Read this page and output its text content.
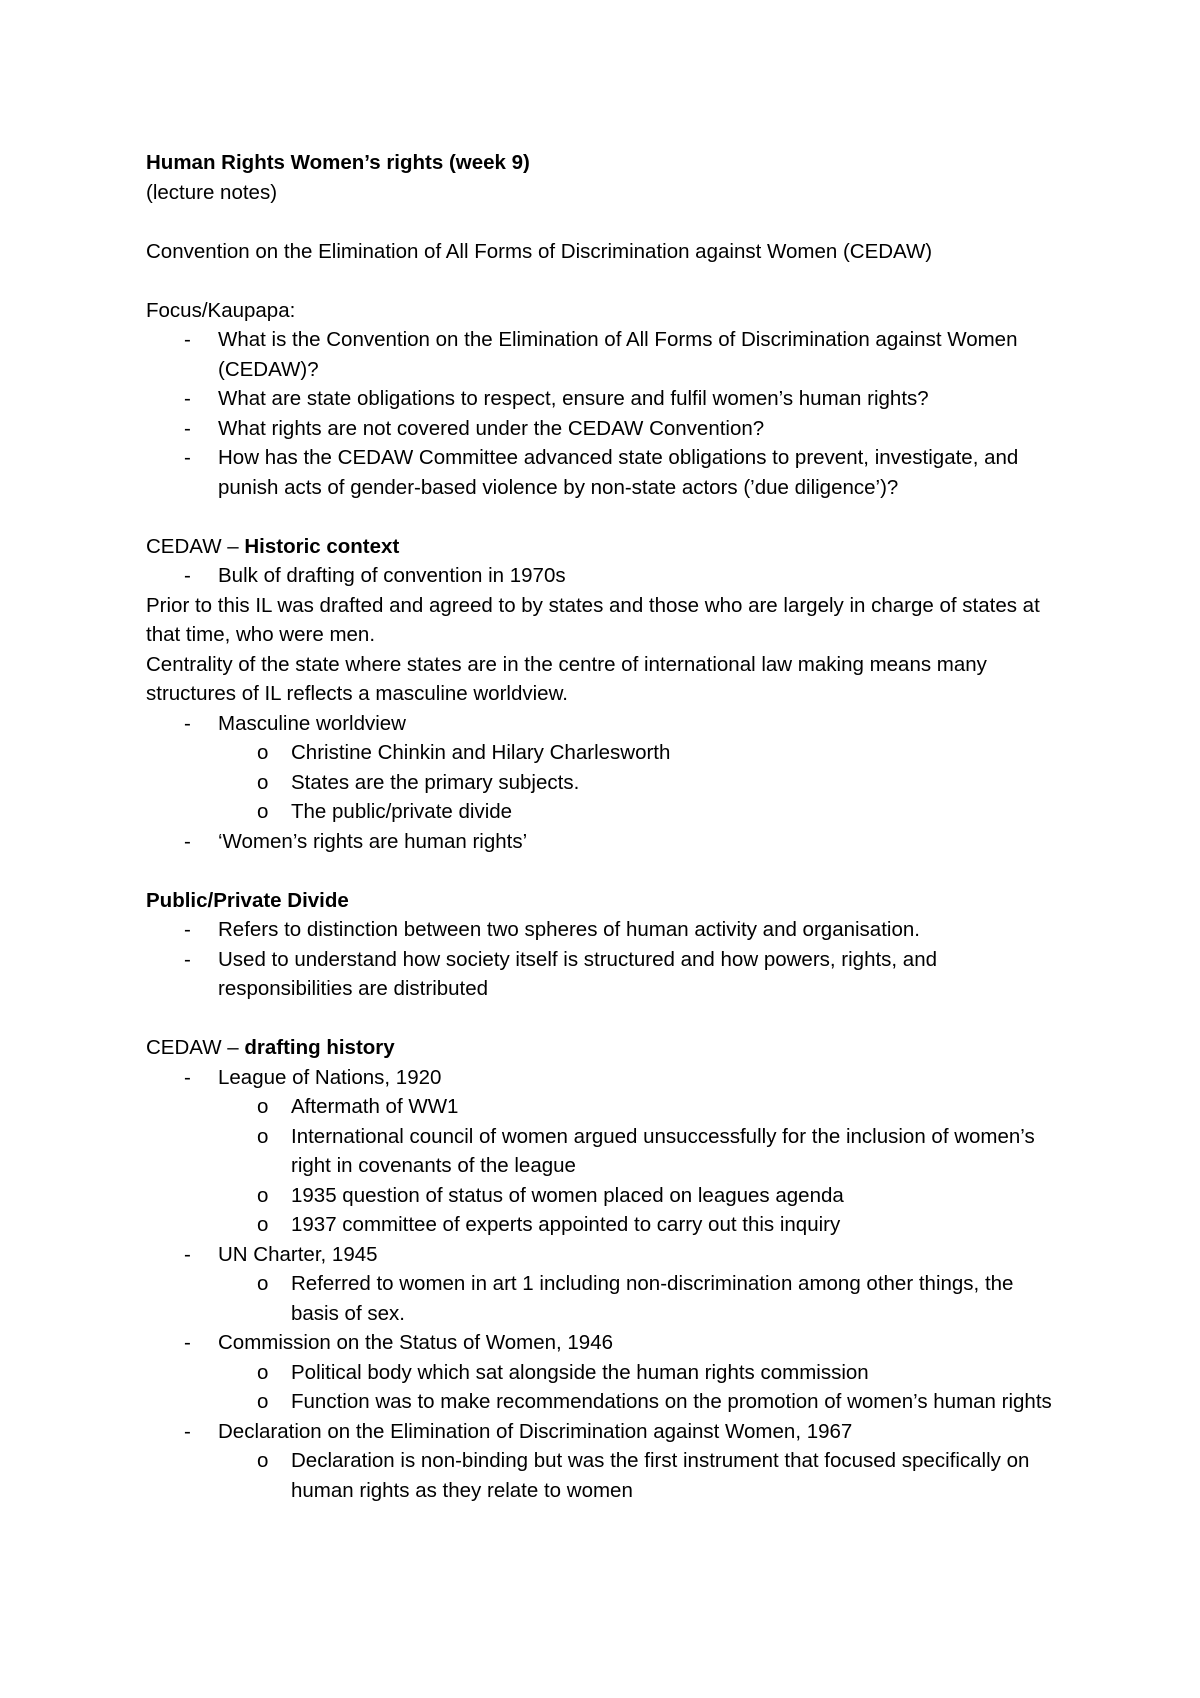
Human Rights Women’s rights (week 9)

(lecture notes)

Convention on the Elimination of All Forms of Discrimination against Women (CEDAW)

Focus/Kaupapa:

- What is the Convention on the Elimination of All Forms of Discrimination against Women (CEDAW)?

- What are state obligations to respect, ensure and fulfil women’s human rights?

- What rights are not covered under the CEDAW Convention?

- How has the CEDAW Committee advanced state obligations to prevent, investigate, and punish acts of gender-based violence by non-state actors (’due diligence’)?

CEDAW – Historic context

- Bulk of drafting of convention in 1970s

Prior to this IL was drafted and agreed to by states and those who are largely in charge of states at that time, who were men.

Centrality of the state where states are in the centre of international law making means many structures of IL reflects a masculine worldview.

- Masculine worldview

o Christine Chinkin and Hilary Charlesworth

o States are the primary subjects.

o The public/private divide

- ‘Women’s rights are human rights’

Public/Private Divide

- Refers to distinction between two spheres of human activity and organisation.

- Used to understand how society itself is structured and how powers, rights, and responsibilities are distributed

CEDAW – drafting history

- League of Nations, 1920

o Aftermath of WW1

o International council of women argued unsuccessfully for the inclusion of women’s right in covenants of the league

o 1935 question of status of women placed on leagues agenda

o 1937 committee of experts appointed to carry out this inquiry

- UN Charter, 1945

o Referred to women in art 1 including non-discrimination among other things, the basis of sex.

- Commission on the Status of Women, 1946

o Political body which sat alongside the human rights commission

o Function was to make recommendations on the promotion of women’s human rights

- Declaration on the Elimination of Discrimination against Women, 1967

o Declaration is non-binding but was the first instrument that focused specifically on human rights as they relate to women
